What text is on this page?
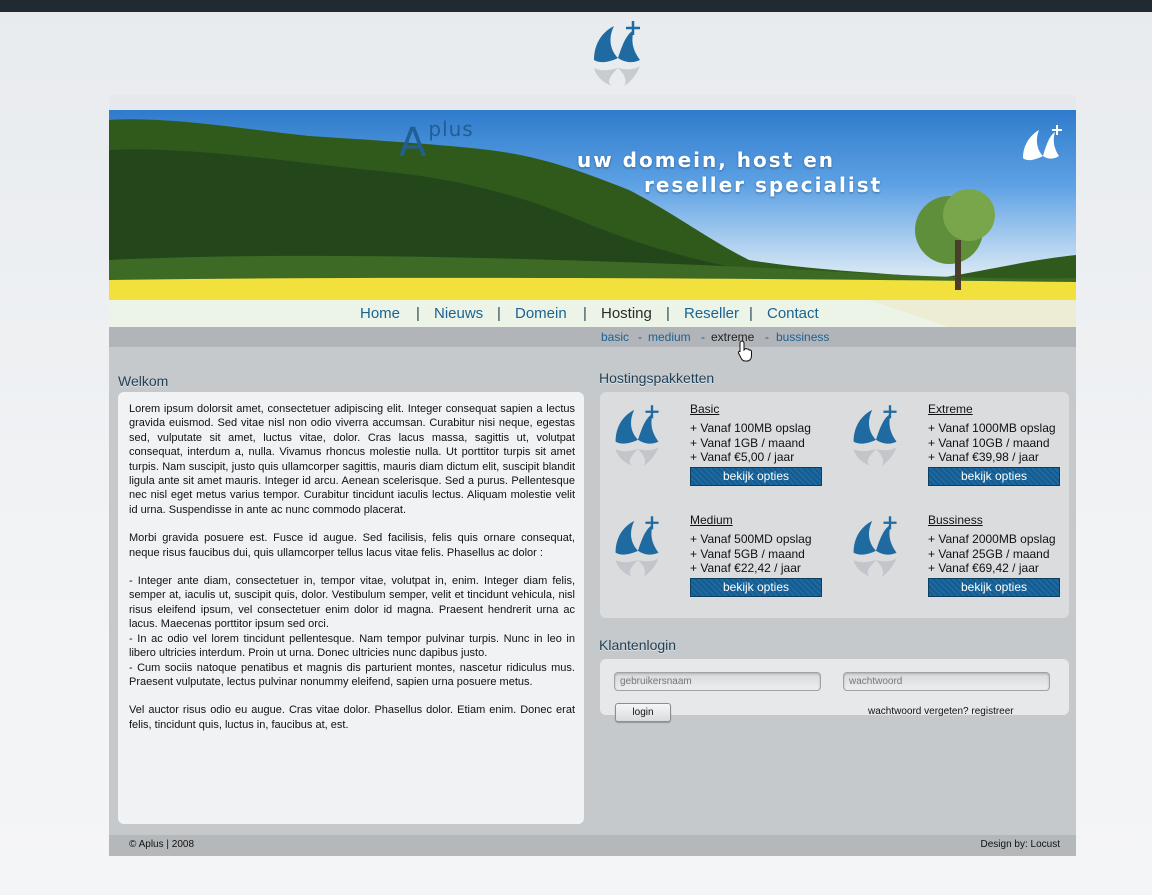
Aplus
uw domein, host en
reseller specialist
Home | Nieuws | Domein | Hosting | Reseller | Contact
basic - medium - extreme - bussiness
Welkom

Lorem ipsum dolorsit amet, consectetuer adipiscing elit. Integer consequat sapien a lectus gravida euismod. Sed vitae nisl non odio viverra accumsan. Curabitur nisi neque, egestas sed, vulputate sit amet, luctus vitae, dolor. Cras lacus massa, sagittis ut, volutpat consequat, interdum a, nulla. Vivamus rhoncus molestie nulla. Ut porttitor turpis sit amet turpis. Nam suscipit, justo quis ullamcorper sagittis, mauris diam dictum elit, suscipit blandit ligula ante sit amet mauris. Integer id arcu. Aenean scelerisque. Sed a purus. Pellentesque nec nisl eget metus varius tempor. Curabitur tincidunt iaculis lectus. Aliquam molestie velit id urna. Suspendisse in ante ac nunc commodo placerat.

Morbi gravida posuere est. Fusce id augue. Sed facilisis, felis quis ornare consequat, neque risus faucibus dui, quis ullamcorper tellus lacus vitae felis. Phasellus ac dolor :

- Integer ante diam, consectetuer in, tempor vitae, volutpat in, enim. Integer diam felis, semper at, iaculis ut, suscipit quis, dolor. Vestibulum semper, velit et tincidunt vehicula, nisl risus eleifend ipsum, vel consectetuer enim dolor id magna. Praesent hendrerit urna ac lacus. Maecenas porttitor ipsum sed orci.
- In ac odio vel lorem tincidunt pellentesque. Nam tempor pulvinar turpis. Nunc in leo in libero ultricies interdum. Proin ut urna. Donec ultricies nunc dapibus justo.
- Cum sociis natoque penatibus et magnis dis parturient montes, nascetur ridiculus mus. Praesent vulputate, lectus pulvinar nonummy eleifend, sapien urna posuere metus.

Vel auctor risus odio eu augue. Cras vitae dolor. Phasellus dolor. Etiam enim. Donec erat felis, tincidunt quis, luctus in, faucibus at, est.

Hostingspakketten
Basic
+ Vanaf 100MB opslag
+ Vanaf 1GB / maand
+ Vanaf €5,00 / jaar
bekijk opties
Extreme
+ Vanaf 1000MB opslag
+ Vanaf 10GB / maand
+ Vanaf €39,98 / jaar
bekijk opties
Medium
+ Vanaf 500MD opslag
+ Vanaf 5GB / maand
+ Vanaf €22,42 / jaar
bekijk opties
Bussiness
+ Vanaf 2000MB opslag
+ Vanaf 25GB / maand
+ Vanaf €69,42 / jaar
bekijk opties
Klantenlogin
gebruikersnaam	wachtwoord
login	wachtwoord vergeten? registreer
© Aplus | 2008	Design by: Locust
